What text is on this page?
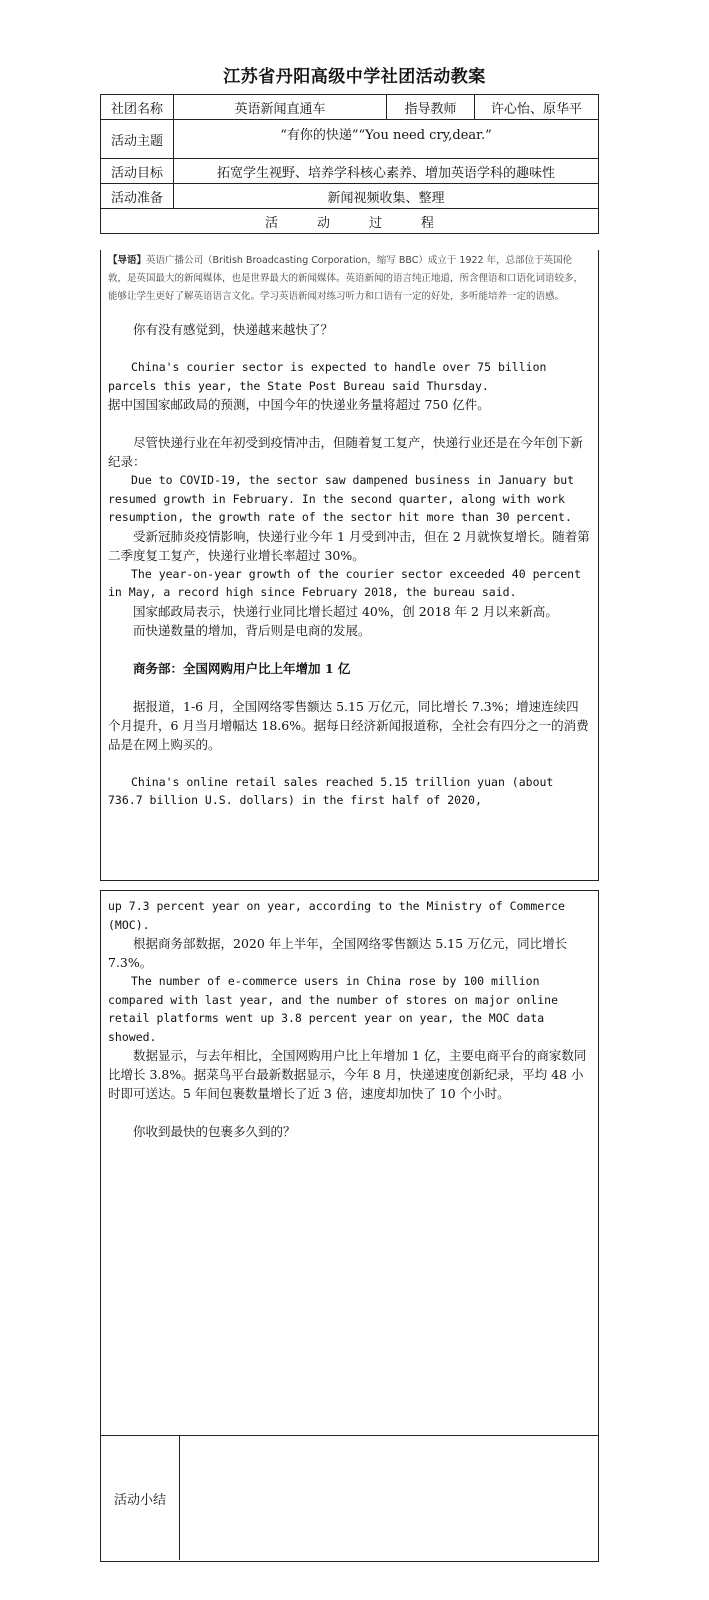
江苏省丹阳高级中学社团活动教案
社团名称	英语新闻直通车	指导教师	许心怡、原华平
活动主题	“有你的快递”“You need cry,dear.”		
活动目标	拓宽学生视野、培养学科核心素养、增加英语学科的趣味性		
活动准备	新闻视频收集、整理		
活　　　动　　　过　　　程			

【导语】英语广播公司（British Broadcasting Corporation，缩写 BBC）成立于 1922 年，总部位于英国伦敦，是英国最大的新闻媒体，也是世界最大的新闻媒体。英语新闻的语言纯正地道，所含俚语和口语化词语较多，能够让学生更好了解英语语言文化。学习英语新闻对练习听力和口语有一定的好处，多听能培养一定的语感。

你有没有感觉到，快递越来越快了？

China's courier sector is expected to handle over 75 billion parcels this year, the State Post Bureau said Thursday.

据中国国家邮政局的预测，中国今年的快递业务量将超过 750 亿件。

尽管快递行业在年初受到疫情冲击，但随着复工复产，快递行业还是在今年创下新纪录：

Due to COVID-19, the sector saw dampened business in January but resumed growth in February. In the second quarter, along with work resumption, the growth rate of the sector hit more than 30 percent.

受新冠肺炎疫情影响，快递行业今年 1 月受到冲击，但在 2 月就恢复增长。随着第二季度复工复产，快递行业增长率超过 30%。

The year-on-year growth of the courier sector exceeded 40 percent in May, a record high since February 2018, the bureau said.

国家邮政局表示，快递行业同比增长超过 40%，创 2018 年 2 月以来新高。

而快递数量的增加，背后则是电商的发展。

商务部：全国网购用户比上年增加 1 亿

据报道，1-6 月，全国网络零售额达 5.15 万亿元，同比增长 7.3%；增速连续四个月提升，6 月当月增幅达 18.6%。据每日经济新闻报道称，全社会有四分之一的消费品是在网上购买的。

China's online retail sales reached 5.15 trillion yuan (about 736.7 billion U.S. dollars) in the first half of 2020,

up 7.3 percent year on year, according to the Ministry of Commerce (MOC).

根据商务部数据，2020 年上半年，全国网络零售额达 5.15 万亿元，同比增长 7.3%。

The number of e-commerce users in China rose by 100 million compared with last year, and the number of stores on major online retail platforms went up 3.8 percent year on year, the MOC data showed.

数据显示，与去年相比，全国网购用户比上年增加 1 亿，主要电商平台的商家数同比增长 3.8%。据菜鸟平台最新数据显示，今年 8 月，快递速度创新纪录，平均 48 小时即可送达。5 年间包裹数量增长了近 3 倍，速度却加快了 10 个小时。

你收到最快的包裹多久到的？

活动小结
